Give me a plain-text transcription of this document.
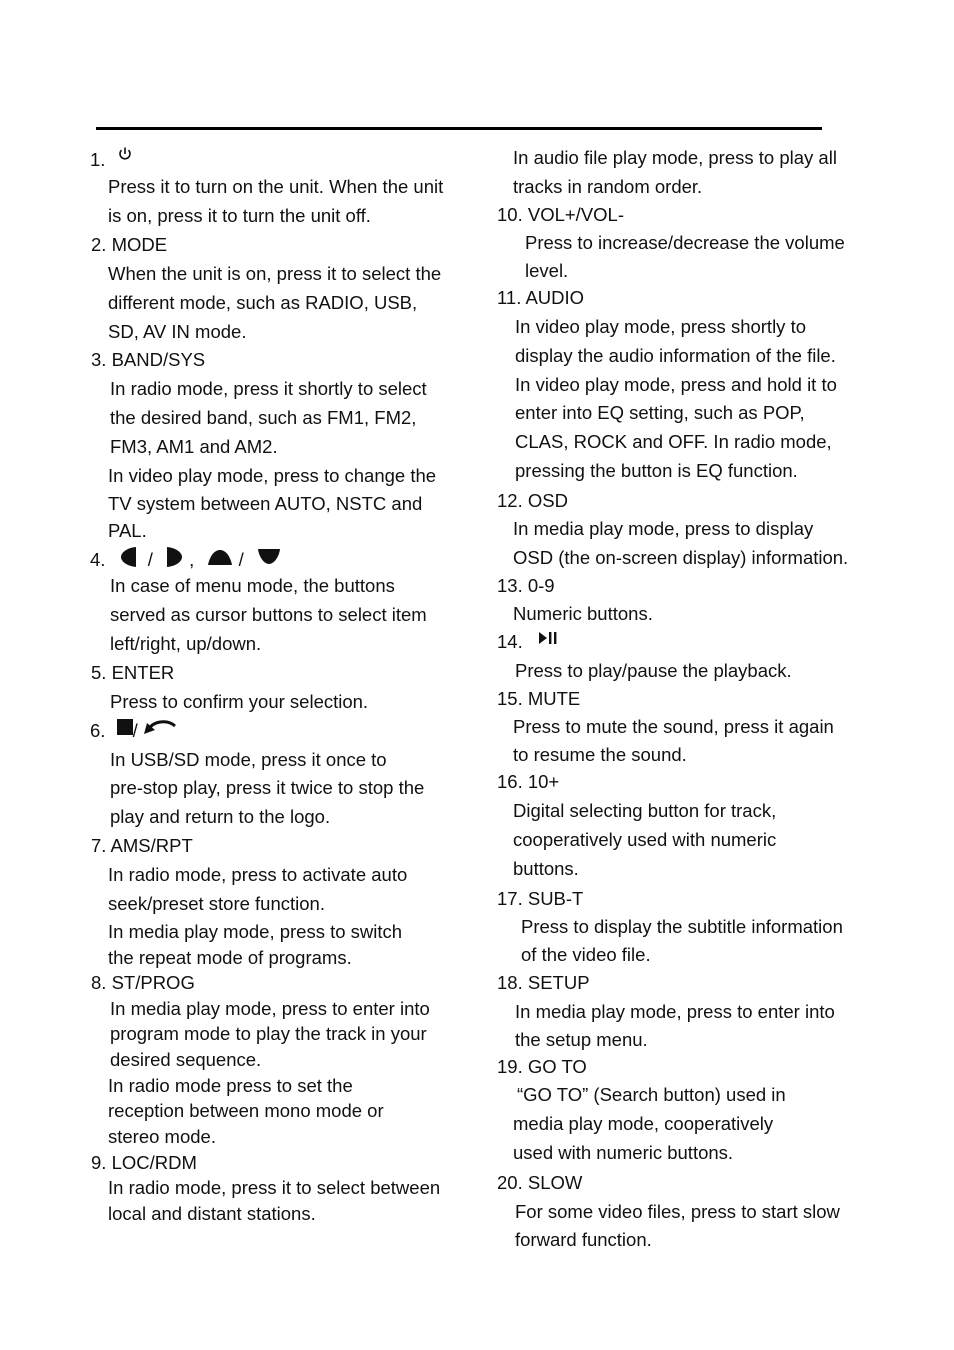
1.
Press it to turn on the unit. When the unit
is on, press it to turn the unit off.
2. MODE
When the unit is on, press it to select the
different mode, such as RADIO, USB,
SD, AV IN mode.
3. BAND/SYS
In radio mode, press it shortly to select
the desired band, such as FM1, FM2,
FM3, AM1 and AM2.
In video play mode, press to change the
TV system between AUTO, NSTC and
PAL.
4. / , /
In case of menu mode, the buttons
served as cursor buttons to select item
left/right, up/down.
5. ENTER
Press to confirm your selection.
6. /
In USB/SD mode, press it once to
pre-stop play, press it twice to stop the
play and return to the logo.
7. AMS/RPT
In radio mode, press to activate auto
seek/preset store function.
In media play mode, press to switch
the repeat mode of programs.
8. ST/PROG
In media play mode, press to enter into
program mode to play the track in your
desired sequence.
In radio mode press to set the
reception between mono mode or
stereo mode.
9. LOC/RDM
In radio mode, press it to select between
local and distant stations.
In audio file play mode, press to play all
tracks in random order.
10. VOL+/VOL-
Press to increase/decrease the volume
level.
11. AUDIO
In video play mode, press shortly to
display the audio information of the file.
In video play mode, press and hold it to
enter into EQ setting, such as POP,
CLAS, ROCK and OFF. In radio mode,
pressing the button is EQ function.
12. OSD
In media play mode, press to display
OSD (the on-screen display) information.
13. 0-9
Numeric buttons.
14.
Press to play/pause the playback.
15. MUTE
Press to mute the sound, press it again
to resume the sound.
16. 10+
Digital selecting button for track,
cooperatively used with numeric
buttons.
17. SUB-T
Press to display the subtitle information
of the video file.
18. SETUP
In media play mode, press to enter into
the setup menu.
19. GO TO
“GO TO” (Search button) used in
media play mode, cooperatively
used with numeric buttons.
20. SLOW
For some video files, press to start slow
forward function.
